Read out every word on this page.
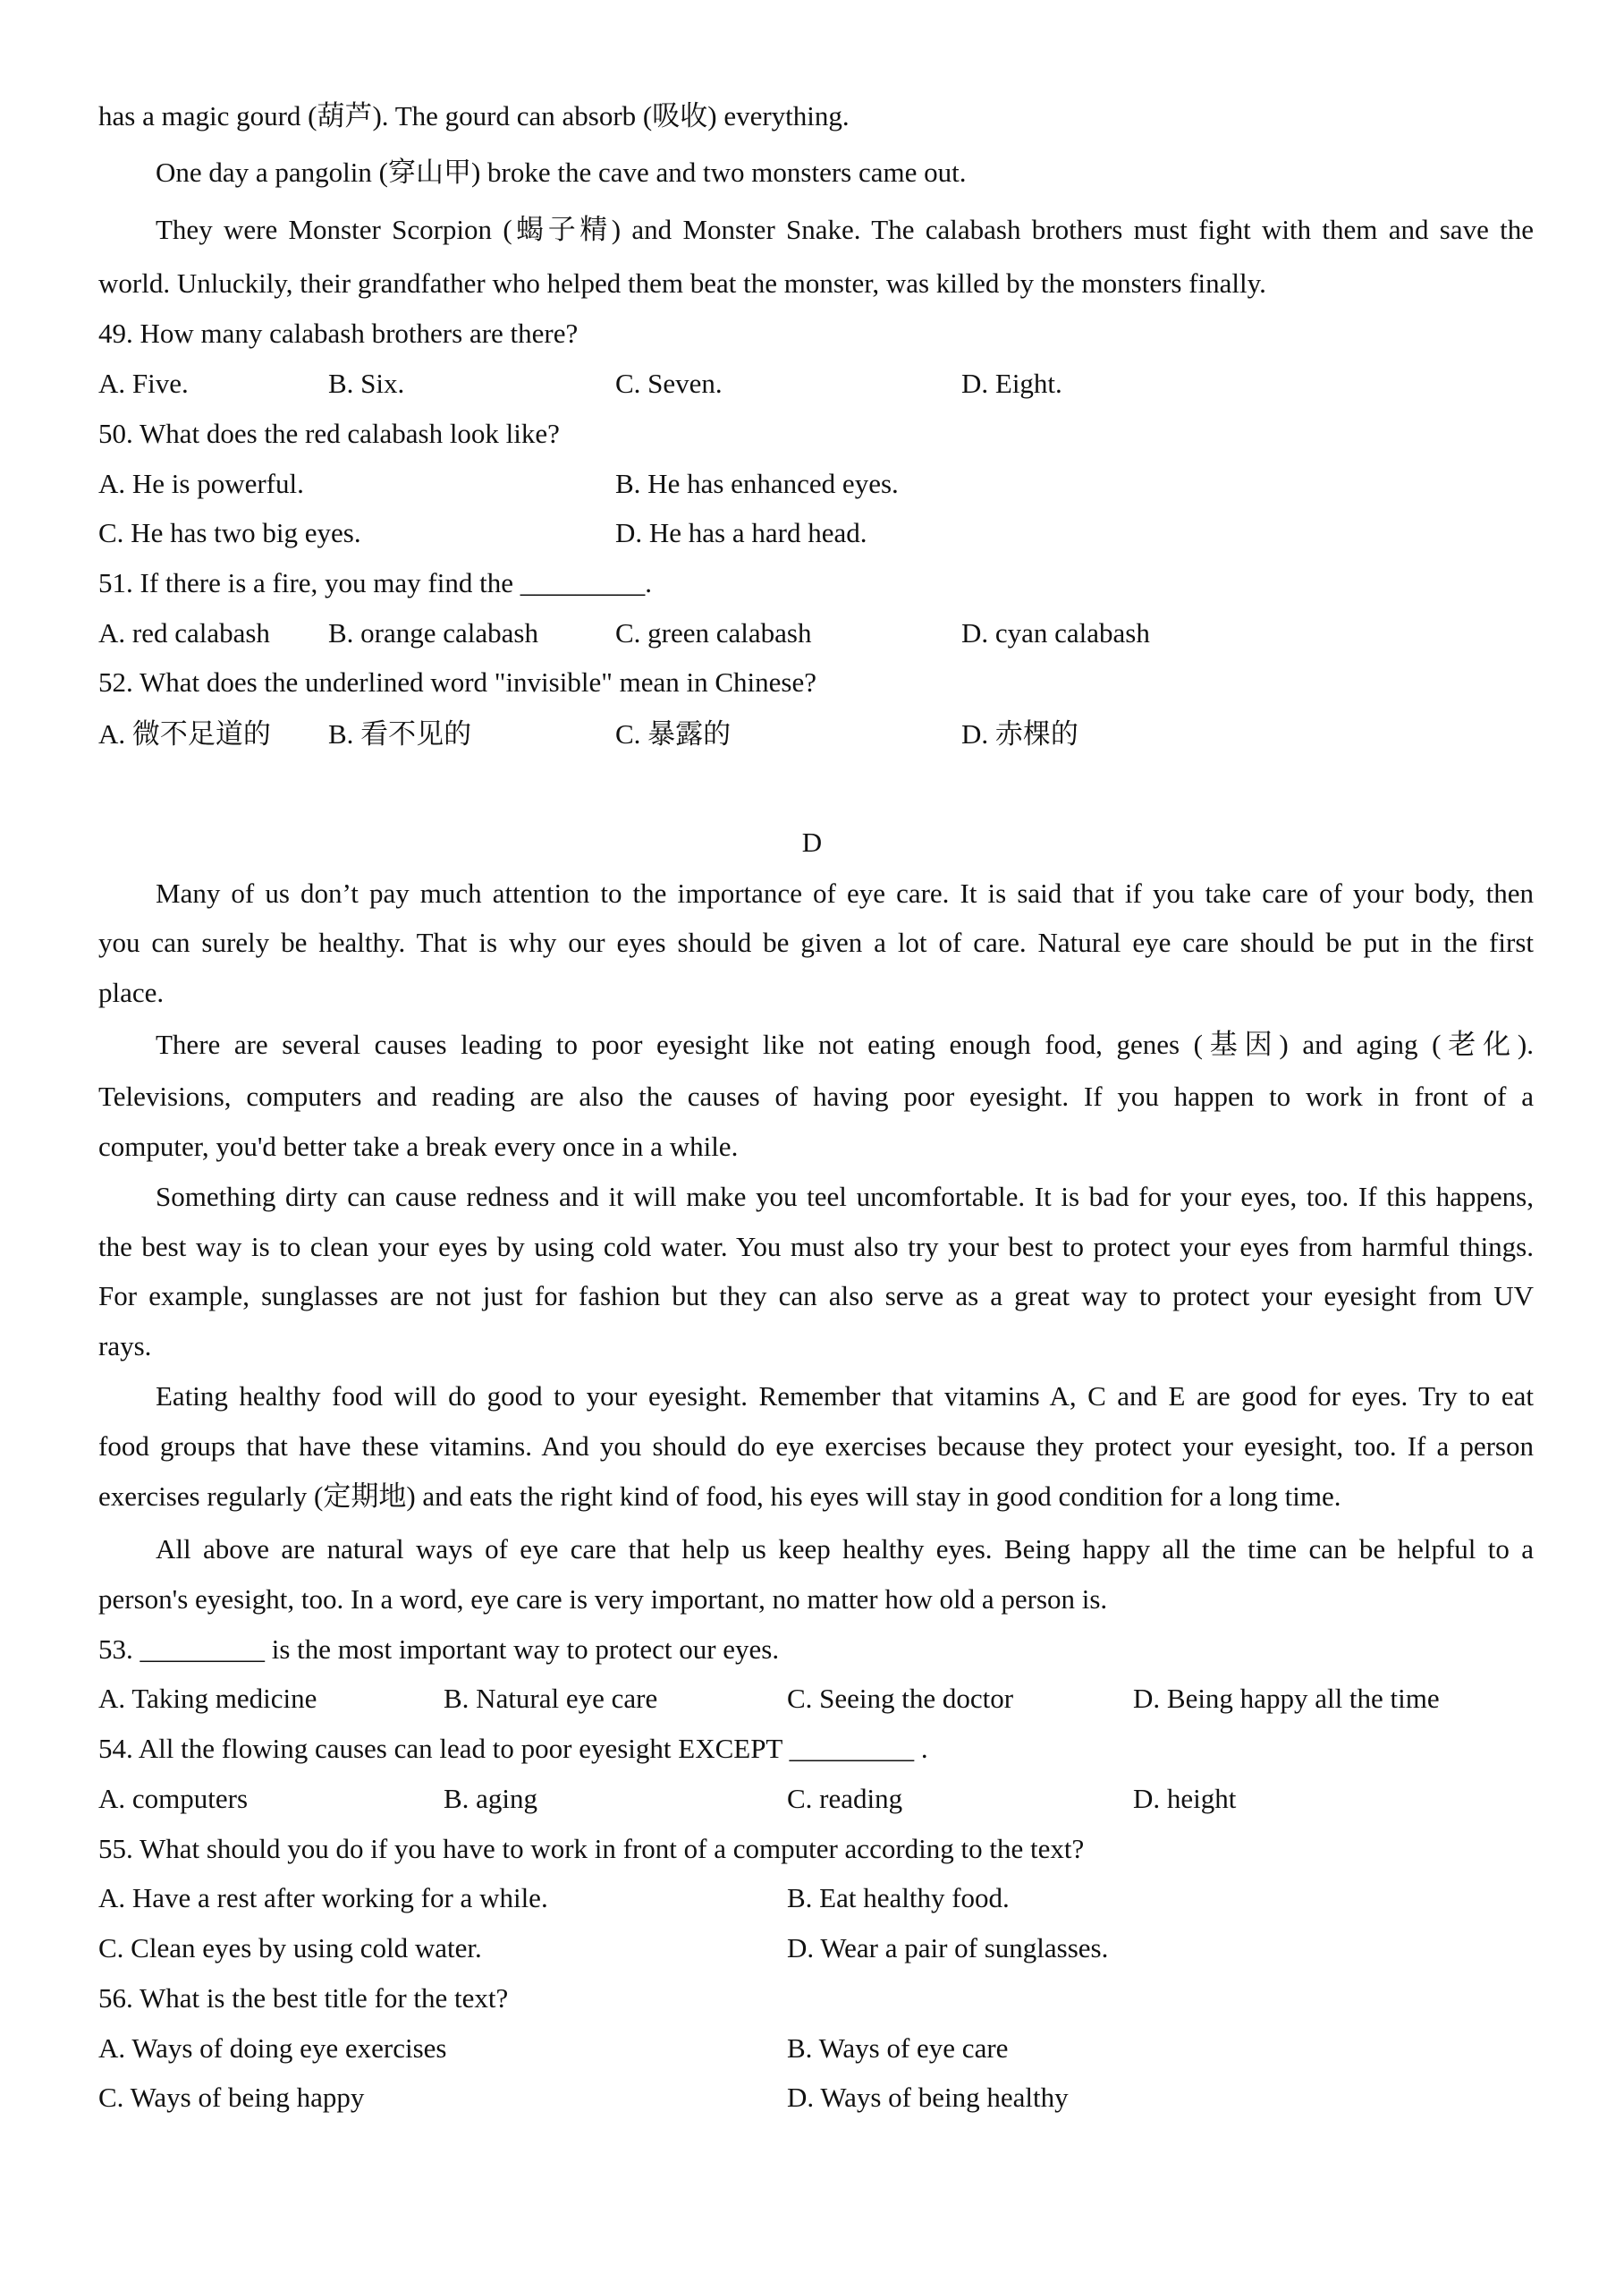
has a magic gourd (葫芦). The gourd can absorb (吸收) everything.
One day a pangolin (穿山甲) broke the cave and two monsters came out.
They were Monster Scorpion (蝎子精) and Monster Snake. The calabash brothers must fight with them and save the
world. Unluckily, their grandfather who helped them beat the monster, was killed by the monsters finally.
49. How many calabash brothers are there?
A. Five.	B. Six.	C. Seven.	D. Eight.
50. What does the red calabash look like?
A. He is powerful.	B. He has enhanced eyes.
C. He has two big eyes.	D. He has a hard head.
51. If there is a fire, you may find the _________.
A. red calabash B. orange calabash	C. green calabash	D. cyan calabash
52. What does the underlined word "invisible" mean in Chinese?
A. 微不足道的 B. 看不见的	C. 暴露的	D. 赤棵的
D
Many of us don’t pay much attention to the importance of eye care. It is said that if you take care of your body, then
you can surely be healthy. That is why our eyes should be given a lot of care. Natural eye care should be put in the first
place.
There are several causes leading to poor eyesight like not eating enough food, genes (基因) and aging (老化).
Televisions, computers and reading are also the causes of having poor eyesight. If you happen to work in front of a
computer, you'd better take a break every once in a while.
Something dirty can cause redness and it will make you teel uncomfortable. It is bad for your eyes, too. If this happens,
the best way is to clean your eyes by using cold water. You must also try your best to protect your eyes from harmful things.
For example, sunglasses are not just for fashion but they can also serve as a great way to protect your eyesight from UV
rays.
Eating healthy food will do good to your eyesight. Remember that vitamins A, C and E are good for eyes. Try to eat
food groups that have these vitamins. And you should do eye exercises because they protect your eyesight, too. If a person
exercises regularly (定期地) and eats the right kind of food, his eyes will stay in good condition for a long time.
All above are natural ways of eye care that help us keep healthy eyes. Being happy all the time can be helpful to a
person's eyesight, too. In a word, eye care is very important, no matter how old a person is.
53. _________ is the most important way to protect our eyes.
A. Taking medicine	B. Natural eye care	C. Seeing the doctor	D. Being happy all the time
54. All the flowing causes can lead to poor eyesight EXCEPT _________ .
A. computers	B. aging	C. reading	D. height
55. What should you do if you have to work in front of a computer according to the text?
A. Have a rest after working for a while.	B. Eat healthy food.
C. Clean eyes by using cold water.	D. Wear a pair of sunglasses.
56. What is the best title for the text?
A. Ways of doing eye exercises	B. Ways of eye care
C. Ways of being happy	D. Ways of being healthy
